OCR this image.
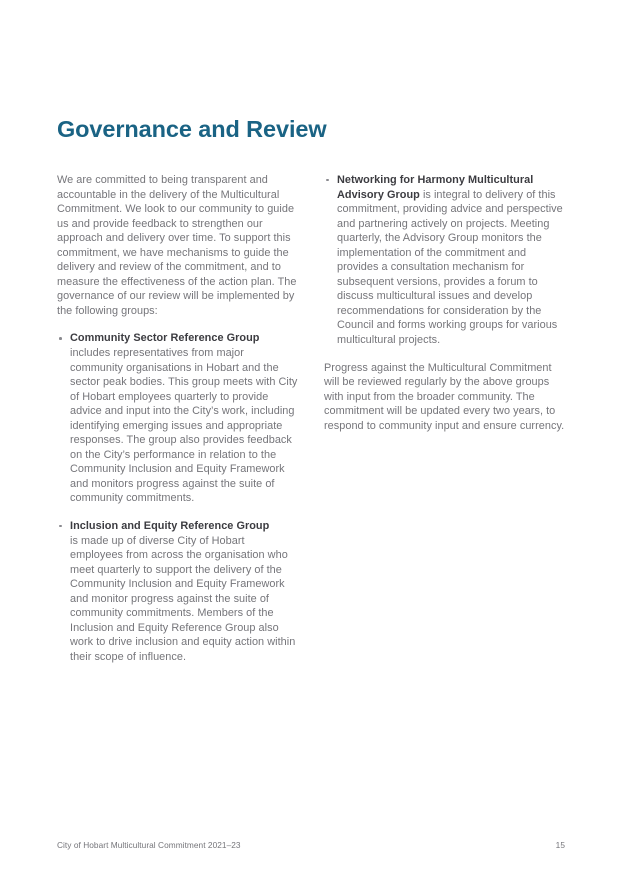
Governance and Review

We are committed to being transparent and accountable in the delivery of the Multicultural Commitment. We look to our community to guide us and provide feedback to strengthen our approach and delivery over time. To support this commitment, we have mechanisms to guide the delivery and review of the commitment, and to measure the effectiveness of the action plan. The governance of our review will be implemented by the following groups:

Community Sector Reference Group
includes representatives from major community organisations in Hobart and the sector peak bodies. This group meets with City of Hobart employees quarterly to provide advice and input into the City’s work, including identifying emerging issues and appropriate responses. The group also provides feedback on the City’s performance in relation to the Community Inclusion and Equity Framework and monitors progress against the suite of community commitments.
Inclusion and Equity Reference Group
is made up of diverse City of Hobart employees from across the organisation who meet quarterly to support the delivery of the Community Inclusion and Equity Framework and monitor progress against the suite of community commitments. Members of the Inclusion and Equity Reference Group also work to drive inclusion and equity action within their scope of influence.
Networking for Harmony Multicultural Advisory Group is integral to delivery of this commitment, providing advice and perspective and partnering actively on projects. Meeting quarterly, the Advisory Group monitors the implementation of the commitment and provides a consultation mechanism for subsequent versions, provides a forum to discuss multicultural issues and develop recommendations for consideration by the Council and forms working groups for various multicultural projects.

Progress against the Multicultural Commitment will be reviewed regularly by the above groups with input from the broader community. The commitment will be updated every two years, to respond to community input and ensure currency.

City of Hobart Multicultural Commitment 2021–23	15
